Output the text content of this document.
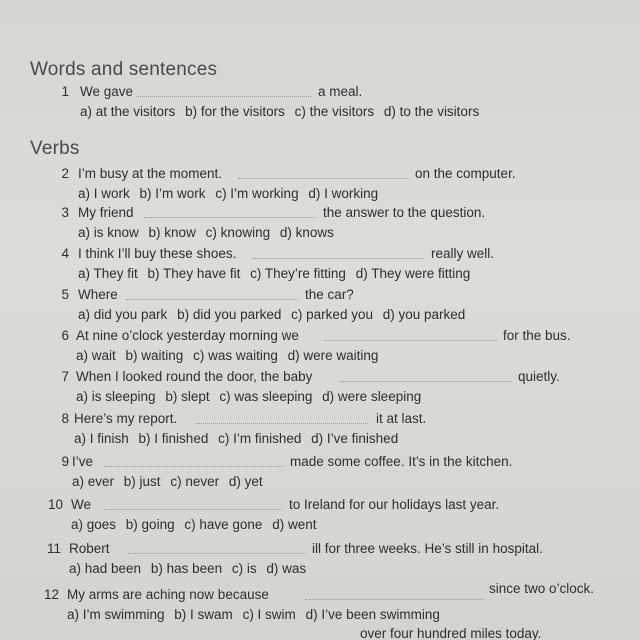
Words and sentences
1 We gave	a meal.
a) at the visitors b) for the visitors c) the visitors d) to the visitors
Verbs
2 I’m busy at the moment.	on the computer.
a) I work b) I’m work c) I’m working d) I working
3 My friend	the answer to the question.
a) is know b) know c) knowing d) knows
4 I think I’ll buy these shoes.	really well.
a) They fit b) They have fit c) They’re fitting d) They were fitting
5 Where	the car?
a) did you park b) did you parked c) parked you d) you parked
6 At nine o’clock yesterday morning we	for the bus.
a) wait b) waiting c) was waiting d) were waiting
7 When I looked round the door, the baby	quietly.
a) is sleeping b) slept c) was sleeping d) were sleeping
8 Here’s my report.	it at last.
a) I finish b) I finished c) I’m finished d) I’ve finished
9 I’ve	made some coffee. It’s in the kitchen.
a) ever b) just c) never d) yet
10 We	to Ireland for our holidays last year.
a) goes b) going c) have gone d) went
11 Robert	ill for three weeks. He’s still in hospital.
a) had been b) has been c) is d) was
12 My arms are aching now because	since two o’clock.
a) I’m swimming b) I swam c) I swim d) I’ve been swimming
over four hundred miles today.
